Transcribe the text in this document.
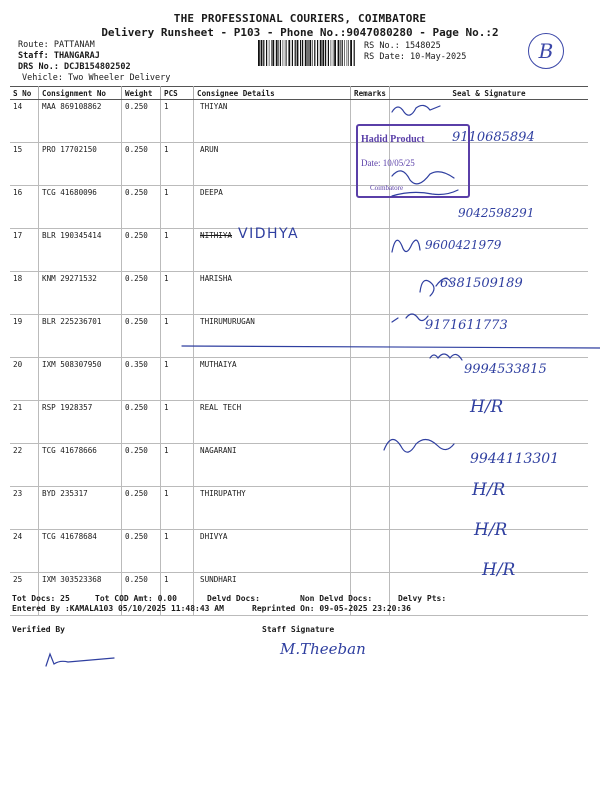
THE PROFESSIONAL COURIERS, COIMBATORE
Delivery Runsheet - P103 - Phone No.:9047080280 - Page No.:2
Route: PATTANAM
Staff: THANGARAJ
DRS No.: DCJB154802502
Vehicle: Two Wheeler Delivery
RS No.: 1548025
RS Date: 10-May-2025	B
S No	Consignment No	Weight	PCS	Consignee Details	Remarks	Seal & Signature
14	MAA 869108862	0.250	1	THIYAN		
15	PRO 17702150	0.250	1	ARUN		
16	TCG 41680096	0.250	1	DEEPA		
17	BLR 190345414	0.250	1	NITHIYA		
18	KNM 29271532	0.250	1	HARISHA		
19	BLR 225236701	0.250	1	THIRUMURUGAN		
20	IXM 508307950	0.350	1	MUTHAIYA		
21	RSP 1928357	0.250	1	REAL TECH		
22	TCG 41678666	0.250	1	NAGARANI		
23	BYD 235317	0.250	1	THIRUPATHY		
24	TCG 41678684	0.250	1	DHIVYA		
25	IXM 303523368	0.250	1	SUNDHARI		
Hadid Product
Date: 10/05/25
Coimbatore
VIDHYA
9110685894
9042598291
9600421979
6381509189
9171611773
9994533815
H/R
9944113301
H/R
H/R
H/R
M.Theeban
Tot Docs: 25	Tot COD Amt: 0.00	Delvd Docs:	Non Delvd Docs:	Delvy Pts:
Entered By :KAMALA103 05/10/2025 11:48:43 AM	Reprinted On: 09-05-2025 23:20:36
Verified By	Staff Signature
